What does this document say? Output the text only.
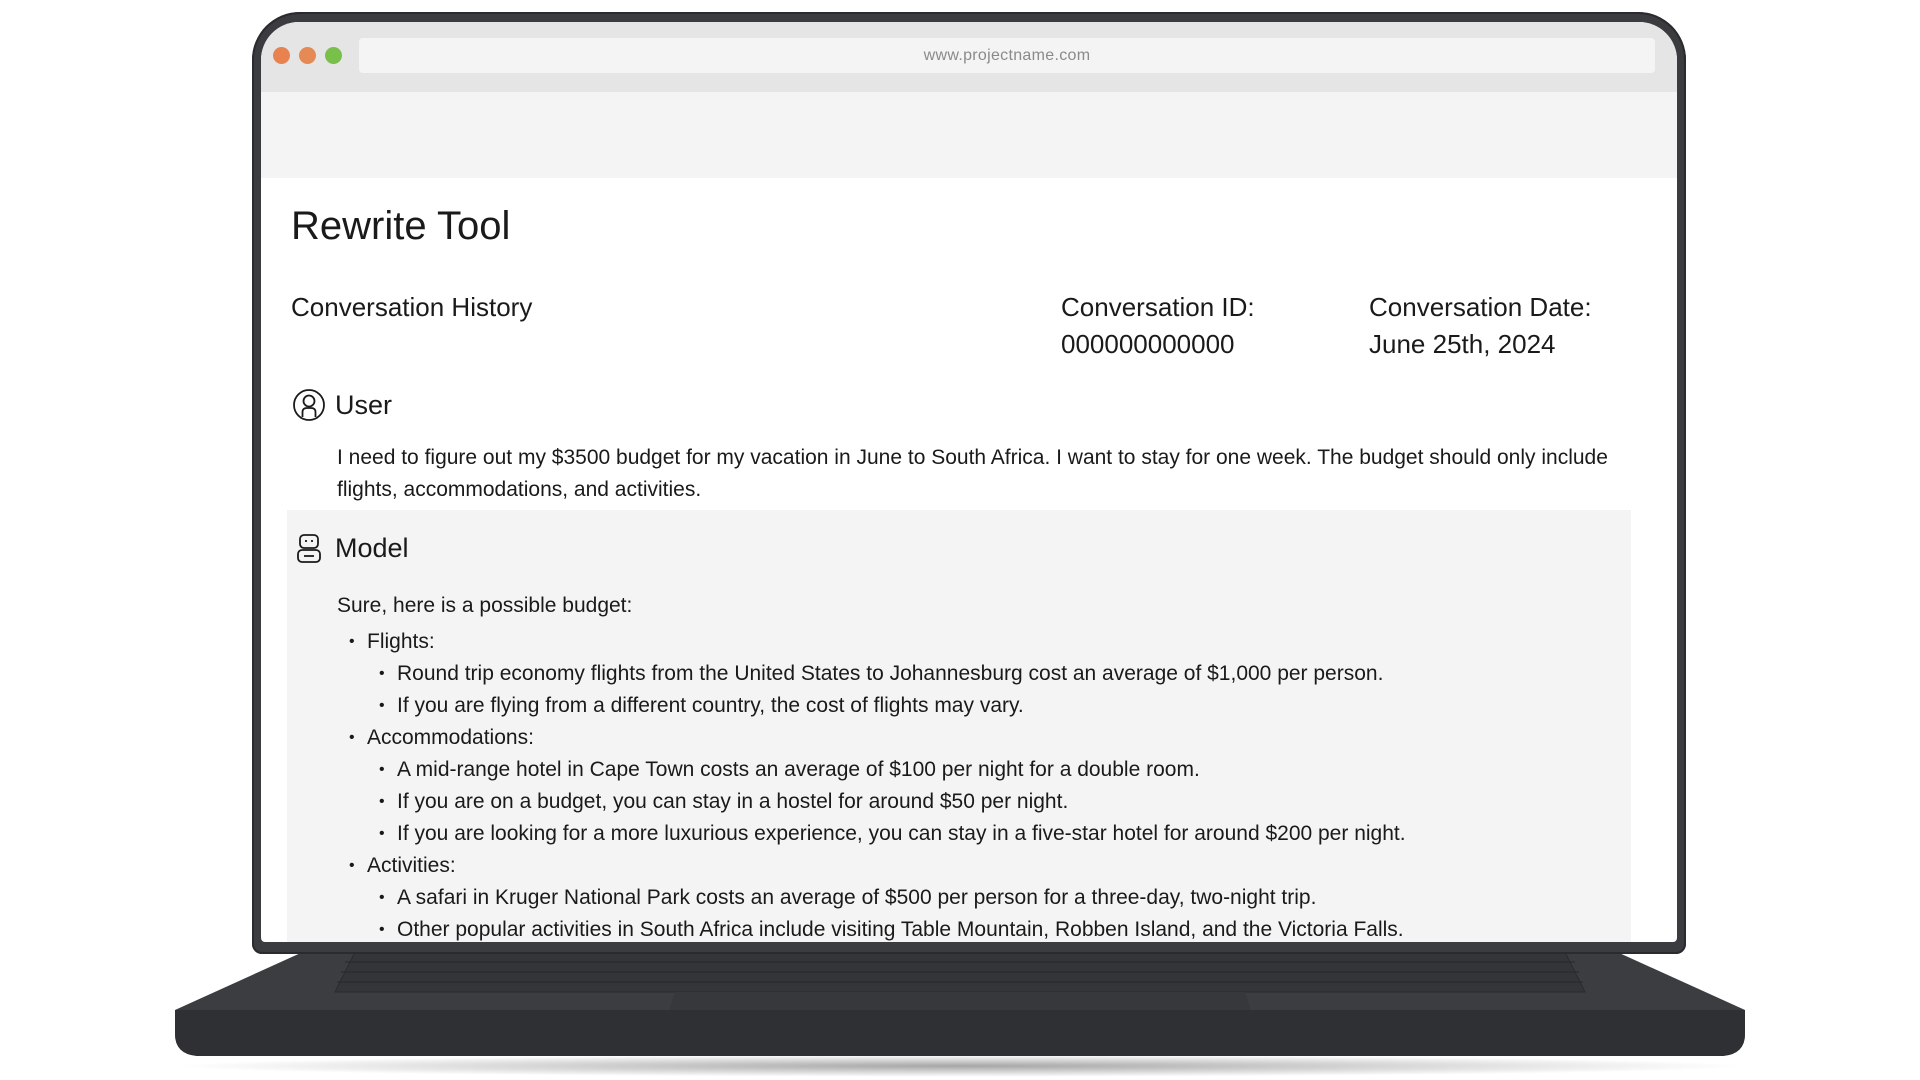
www.projectname.com
Rewrite Tool
Conversation History	Conversation ID:
000000000000
Conversation Date:
June 25th, 2024
User
I need to figure out my $3500 budget for my vacation in June to South Africa. I want to stay for one week. The budget should only include flights, accommodations, and activities.
Model
Sure, here is a possible budget:
• Flights:
• Round trip economy flights from the United States to Johannesburg cost an average of $1,000 per person.
• If you are flying from a different country, the cost of flights may vary.
• Accommodations:
• A mid-range hotel in Cape Town costs an average of $100 per night for a double room.
• If you are on a budget, you can stay in a hostel for around $50 per night.
• If you are looking for a more luxurious experience, you can stay in a five-star hotel for around $200 per night.
• Activities:
• A safari in Kruger National Park costs an average of $500 per person for a three-day, two-night trip.
• Other popular activities in South Africa include visiting Table Mountain, Robben Island, and the Victoria Falls.
